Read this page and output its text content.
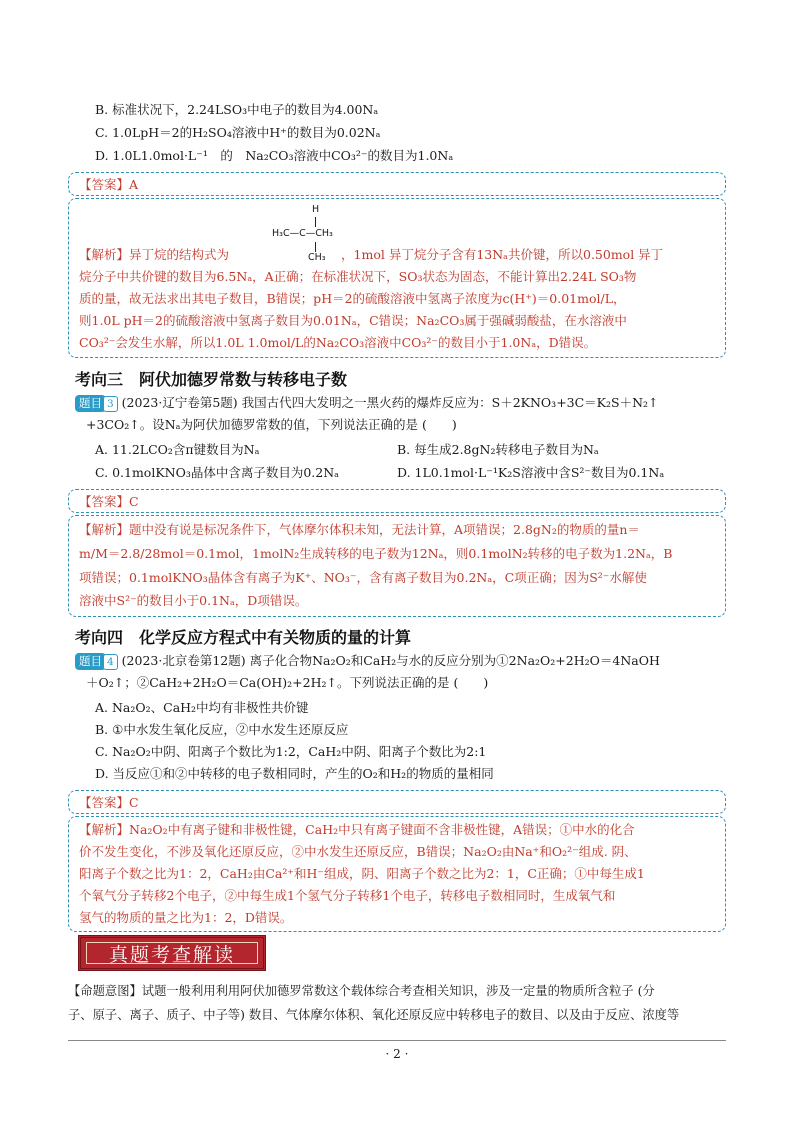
B. 标准状况下，2.24LSO₃中电子的数目为4.00Nₐ
C. 1.0LpH＝2的H₂SO₄溶液中H⁺的数目为0.02Nₐ
D. 1.0L1.0mol·L⁻¹　的　Na₂CO₃溶液中CO₃²⁻的数目为1.0Nₐ
【答案】A
【解析】异丁烷的结构式为	，1mol 异丁烷分子含有13Nₐ共价键，所以0.50mol 异丁
烷分子中共价键的数目为6.5Nₐ，A正确；在标准状况下，SO₃状态为固态，不能计算出2.24L SO₃物
质的量，故无法求出其电子数目，B错误；pH＝2的硫酸溶液中氢离子浓度为c(H⁺)＝0.01mol/L，
则1.0L pH＝2的硫酸溶液中氢离子数目为0.01Nₐ，C错误；Na₂CO₃属于强碱弱酸盐，在水溶液中
CO₃²⁻会发生水解，所以1.0L 1.0mol/L的Na₂CO₃溶液中CO₃²⁻的数目小于1.0Nₐ，D错误。
H
H₃C—C—CH₃
CH₃
考向三　阿伏加德罗常数与转移电子数
题目 3 (2023·辽宁卷第5题) 我国古代四大发明之一黑火药的爆炸反应为：S＋2KNO₃+3C＝K₂S＋N₂↑
+3CO₂↑。设Nₐ为阿伏加德罗常数的值，下列说法正确的是 (　　)
A. 11.2LCO₂含π键数目为Nₐ	B. 每生成2.8gN₂转移电子数目为Nₐ
C. 0.1molKNO₃晶体中含离子数目为0.2Nₐ	D. 1L0.1mol·L⁻¹K₂S溶液中含S²⁻数目为0.1Nₐ
【答案】C
【解析】题中没有说是标况条件下，气体摩尔体积未知，无法计算，A项错误；2.8gN₂的物质的量n＝
m/M＝2.8/28mol＝0.1mol，1molN₂生成转移的电子数为12Nₐ，则0.1molN₂转移的电子数为1.2Nₐ，B
项错误；0.1molKNO₃晶体含有离子为K⁺、NO₃⁻，含有离子数目为0.2Nₐ，C项正确；因为S²⁻水解使
溶液中S²⁻的数目小于0.1Nₐ，D项错误。
考向四　化学反应方程式中有关物质的量的计算
题目 4 (2023·北京卷第12题) 离子化合物Na₂O₂和CaH₂与水的反应分别为①2Na₂O₂+2H₂O＝4NaOH
＋O₂↑；②CaH₂+2H₂O＝Ca(OH)₂+2H₂↑。下列说法正确的是 (　　)
A. Na₂O₂、CaH₂中均有非极性共价键
B. ①中水发生氧化反应，②中水发生还原反应
C. Na₂O₂中阴、阳离子个数比为1:2，CaH₂中阴、阳离子个数比为2:1
D. 当反应①和②中转移的电子数相同时，产生的O₂和H₂的物质的量相同
【答案】C
【解析】Na₂O₂中有离子键和非极性键，CaH₂中只有离子键面不含非极性键，A错误；①中水的化合
价不发生变化，不涉及氧化还原反应，②中水发生还原反应，B错误；Na₂O₂由Na⁺和O₂²⁻组成. 阴、
阳离子个数之比为1：2，CaH₂由Ca²⁺和H⁻组成，阴、阳离子个数之比为2：1，C正确；①中每生成1
个氧气分子转移2个电子，②中每生成1个氢气分子转移1个电子，转移电子数相同时，生成氧气和
氢气的物质的量之比为1：2，D错误。
真题考查解读
【命题意图】试题一般利用利用阿伏加德罗常数这个载体综合考查相关知识，涉及一定量的物质所含粒子 (分
子、原子、离子、质子、中子等) 数目、气体摩尔体积、氧化还原反应中转移电子的数目、以及由于反应、浓度等
· 2 ·
